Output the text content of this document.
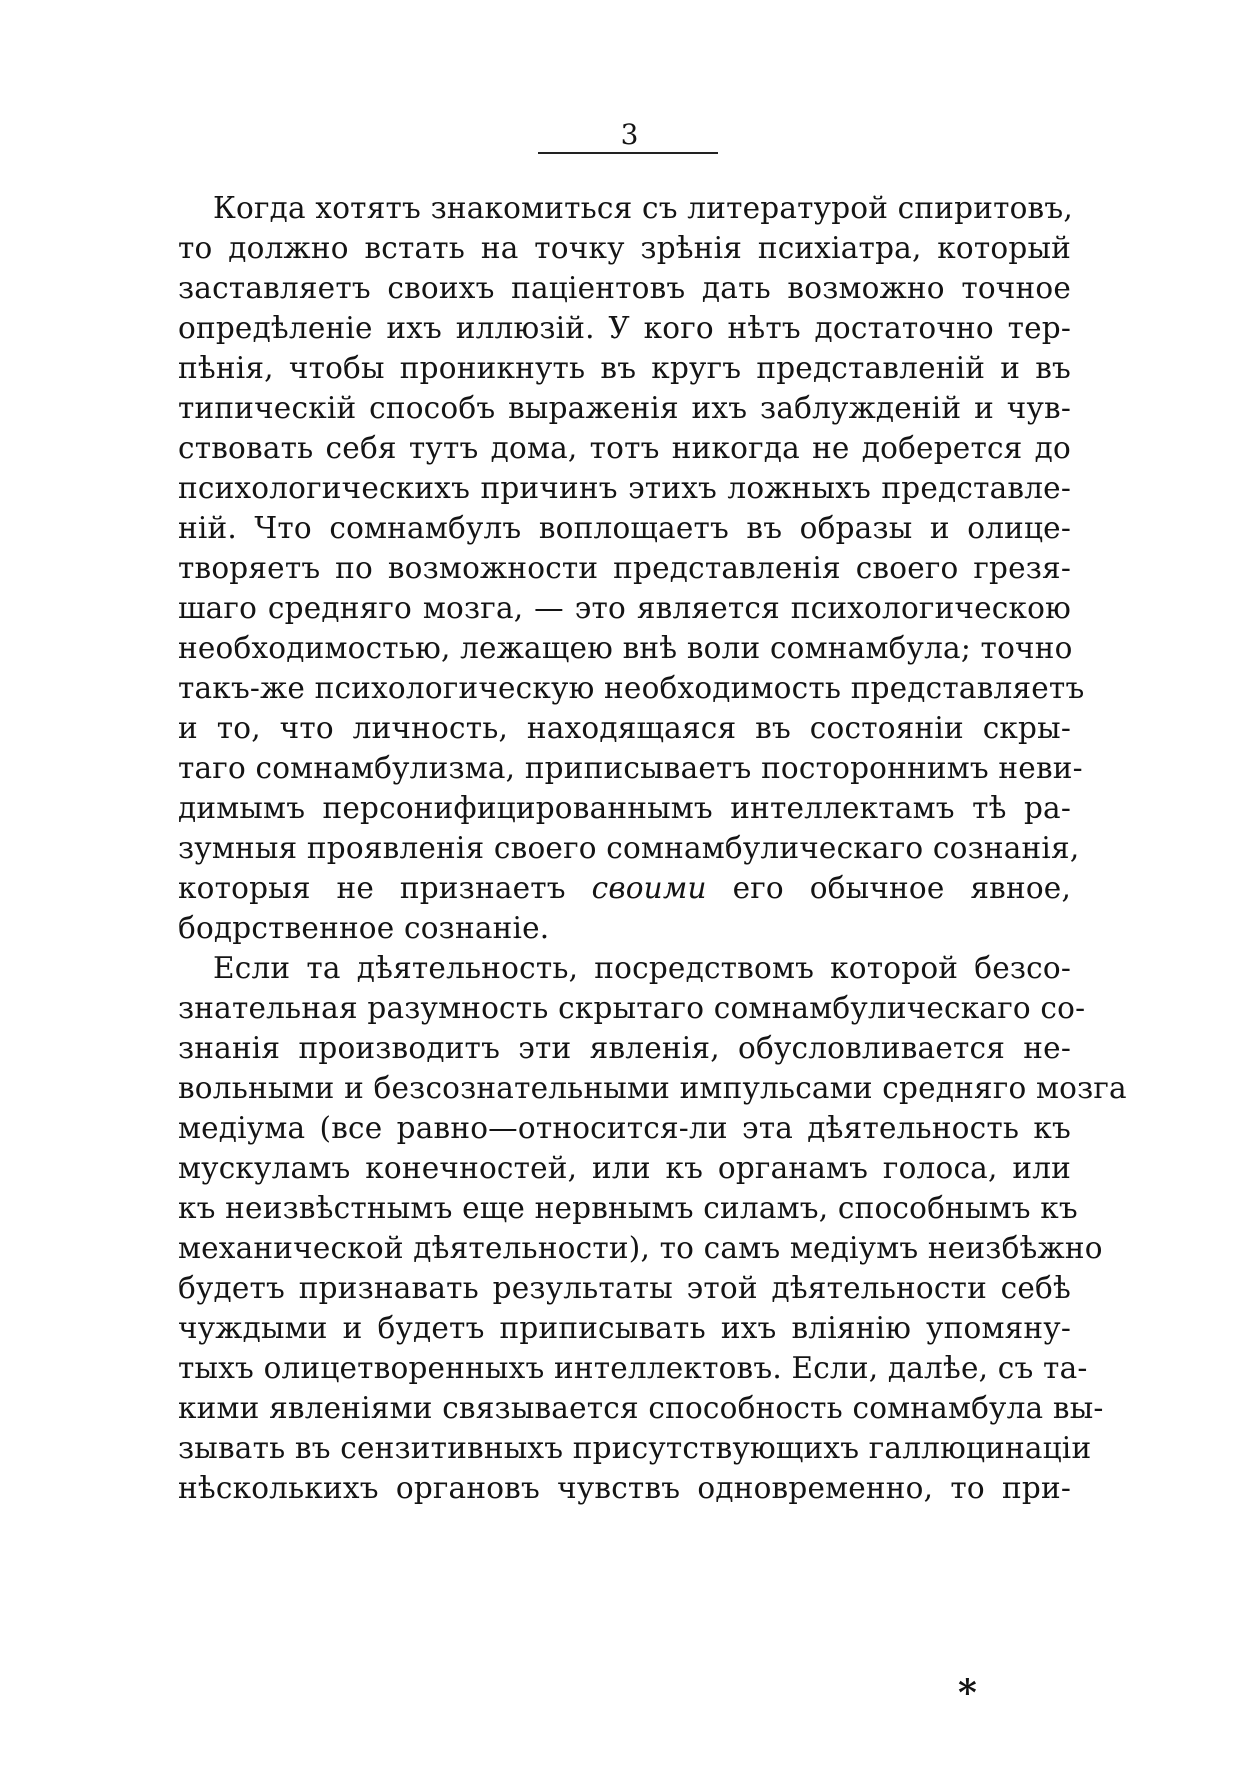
3
Когда хотятъ знакомиться съ литературой спиритовъ,
то должно встать на точку зрѣнія психіатра, который
заставляетъ своихъ паціентовъ дать возможно точное
опредѣленіе ихъ иллюзій. У кого нѣтъ достаточно тер-
пѣнія, чтобы проникнуть въ кругъ представленій и въ
типическій способъ выраженія ихъ заблужденій и чув-
ствовать себя тутъ дома, тотъ никогда не доберется до
психологическихъ причинъ этихъ ложныхъ представле-
ній. Что сомнамбулъ воплощаетъ въ образы и олице-
творяетъ по возможности представленія своего грезя-
шаго средняго мозга, — это является психологическою
необходимостью, лежащею внѣ воли сомнамбула; точно
такъ-же психологическую необходимость представляетъ
и то, что личность, находящаяся въ состояніи скры-
таго сомнамбулизма, приписываетъ постороннимъ неви-
димымъ персонифицированнымъ интеллектамъ тѣ ра-
зумныя проявленія своего сомнамбулическаго сознанія,
которыя не признаетъ своими его обычное явное,
бодрственное сознаніе.
Если та дѣятельность, посредствомъ которой безсо-
знательная разумность скрытаго сомнамбулическаго со-
знанія производитъ эти явленія, обусловливается не-
вольными и безсознательными импульсами средняго мозга
медіума (все равно—относится-ли эта дѣятельность къ
мускуламъ конечностей, или къ органамъ голоса, или
къ неизвѣстнымъ еще нервнымъ силамъ, способнымъ къ
механической дѣятельности), то самъ медіумъ неизбѣжно
будетъ признавать результаты этой дѣятельности себѣ
чуждыми и будетъ приписывать ихъ вліянію упомяну-
тыхъ олицетворенныхъ интеллектовъ. Если, далѣе, съ та-
кими явленіями связывается способность сомнамбула вы-
зывать въ сензитивныхъ присутствующихъ галлюцинаціи
нѣсколькихъ органовъ чувствъ одновременно, то при-
*
